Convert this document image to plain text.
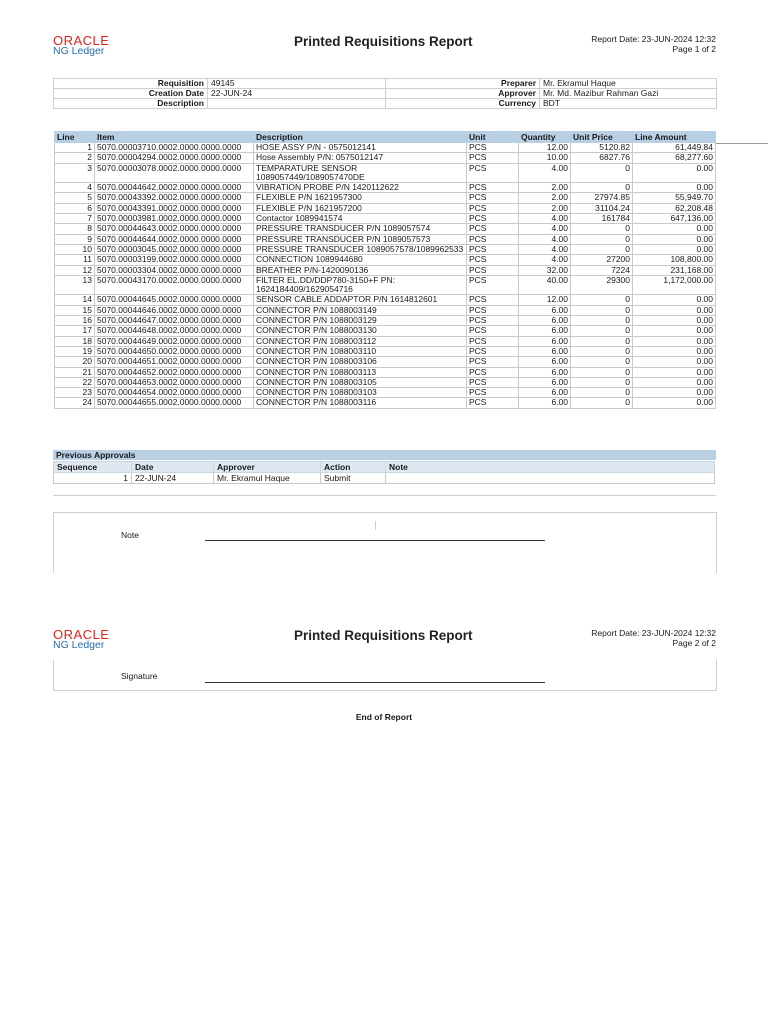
ORACLE
NG Ledger
Printed Requisitions Report	Report Date: 23-JUN-2024 12:32
Page 1 of 2
Requisition	49145	Preparer	Mr. Ekramul Haque
Creation Date	22-JUN-24	Approver	Mr. Md. Mazibur Rahman Gazi
Description		Currency	BDT
Line	Item	Description	Unit	Quantity	Unit Price	Line Amount
1	5070.00003710.0002.0000.0000.0000	HOSE ASSY P/N - 0575012141	PCS	12.00	5120.82	61,449.84
2	5070.00004294.0002.0000.0000.0000	Hose Assembly P/N: 0575012147	PCS	10.00	6827.76	68,277.60
3	5070.00003078.0002.0000.0000.0000	TEMPARATURE SENSOR 1089057449/1089057470DE	PCS	4.00	0	0.00
4	5070.00044642.0002.0000.0000.0000	VIBRATION PROBE P/N 1420112622	PCS	2.00	0	0.00
5	5070.00043392.0002.0000.0000.0000	FLEXIBLE P/N 1621957300	PCS	2.00	27974.85	55,949.70
6	5070.00043391.0002.0000.0000.0000	FLEXIBLE P/N 1621957200	PCS	2.00	31104.24	62,208.48
7	5070.00003981.0002.0000.0000.0000	Contactor 1089941574	PCS	4.00	161784	647,136.00
8	5070.00044643.0002.0000.0000.0000	PRESSURE TRANSDUCER P/N 1089057574	PCS	4.00	0	0.00
9	5070.00044644.0002.0000.0000.0000	PRESSURE TRANSDUCER P/N 1089057573	PCS	4.00	0	0.00
10	5070.00003045.0002.0000.0000.0000	PRESSURE TRANSDUCER 1089057578/1089962533	PCS	4.00	0	0.00
11	5070.00003199.0002.0000.0000.0000	CONNECTION 1089944680	PCS	4.00	27200	108,800.00
12	5070.00003304.0002.0000.0000.0000	BREATHER P/N-1420090136	PCS	32.00	7224	231,168.00
13	5070.00043170.0002.0000.0000.0000	FILTER EL.DD/DDP780-3150+F PN: 1624184409/1629054716	PCS	40.00	29300	1,172,000.00
14	5070.00044645.0002.0000.0000.0000	SENSOR CABLE ADDAPTOR P/N 1614812601	PCS	12.00	0	0.00
15	5070.00044646.0002.0000.0000.0000	CONNECTOR P/N 1088003149	PCS	6.00	0	0.00
16	5070.00044647.0002.0000.0000.0000	CONNECTOR P/N 1088003129	PCS	6.00	0	0.00
17	5070.00044648.0002.0000.0000.0000	CONNECTOR P/N 1088003130	PCS	6.00	0	0.00
18	5070.00044649.0002.0000.0000.0000	CONNECTOR P/N 1088003112	PCS	6.00	0	0.00
19	5070.00044650.0002.0000.0000.0000	CONNECTOR P/N 1088003110	PCS	6.00	0	0.00
20	5070.00044651.0002.0000.0000.0000	CONNECTOR P/N 1088003106	PCS	6.00	0	0.00
21	5070.00044652.0002.0000.0000.0000	CONNECTOR P/N 1088003113	PCS	6.00	0	0.00
22	5070.00044653.0002.0000.0000.0000	CONNECTOR P/N 1088003105	PCS	6.00	0	0.00
23	5070.00044654.0002.0000.0000.0000	CONNECTOR P/N 1088003103	PCS	6.00	0	0.00
24	5070.00044655.0002.0000.0000.0000	CONNECTOR P/N 1088003116	PCS	6.00	0	0.00
Previous Approvals
Sequence	Date	Approver	Action	Note
1	22-JUN-24	Mr. Ekramul Haque	Submit	
Note
ORACLE
NG Ledger
Printed Requisitions Report	Report Date: 23-JUN-2024 12:32
Page 2 of 2
Signature
End of Report
